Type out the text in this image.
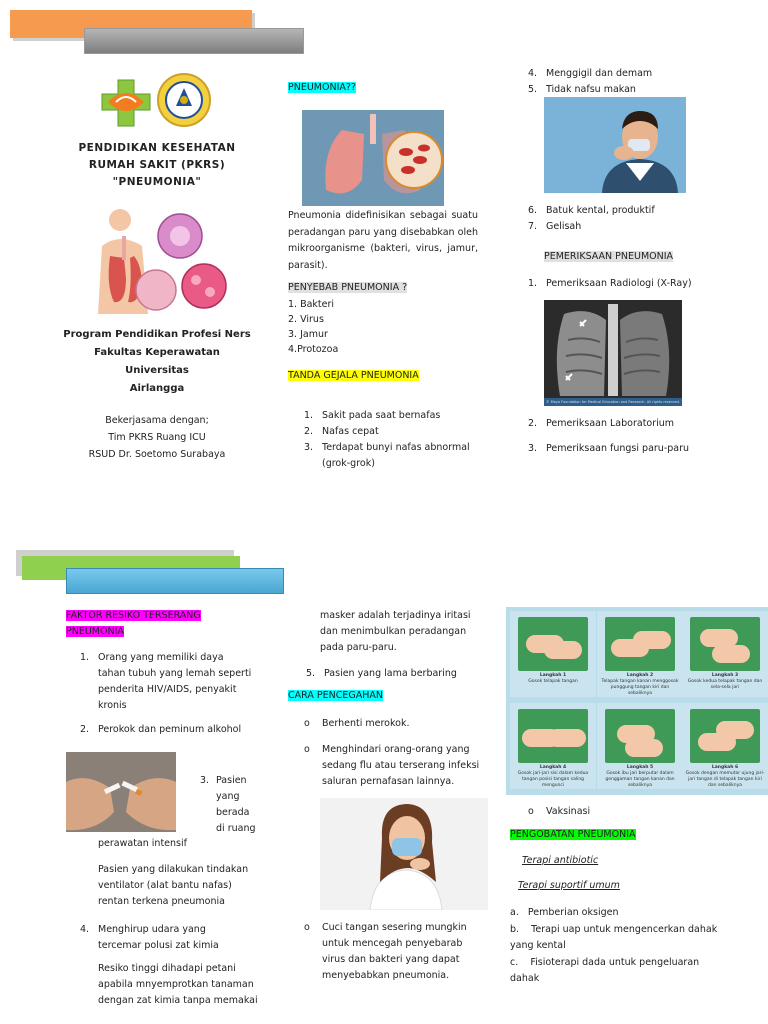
PENDIDIKAN KESEHATAN
RUMAH SAKIT (PKRS)
"PNEUMONIA"
Program Pendidikan Profesi Ners
Fakultas Keperawatan Universitas
Airlangga
Bekerjasama dengan;
Tim PKRS Ruang ICU
RSUD Dr. Soetomo Surabaya
PNEUMONIA??
Pneumonia didefinisikan sebagai suatu peradangan paru yang disebabkan oleh mikroorganisme (bakteri, virus, jamur, parasit).
PENYEBAB PNEUMONIA ?
1. Bakteri
2. Virus
3. Jamur
4.Protozoa
TANDA GEJALA PNEUMONIA
1. Sakit pada saat bernafas
2. Nafas cepat
3. Terdapat bunyi nafas abnormal (grok-grok)
4. Menggigil dan demam
5. Tidak nafsu makan
6. Batuk kental, produktif
7. Gelisah
PEMERIKSAAN PNEUMONIA
1. Pemeriksaan Radiologi (X-Ray)
© Mayo Foundation for Medical Education and Research. All rights reserved.
2. Pemeriksaan Laboratorium
3. Pemeriksaan fungsi paru-paru
FAKTOR RESIKO TERSERANG
PNEUMONIA
1. Orang yang memiliki daya tahan tubuh yang lemah seperti penderita HIV/AIDS, penyakit kronis
2. Perokok dan peminum alkohol
3. Pasien
yang
berada
di ruang
perawatan intensif
Pasien yang dilakukan tindakan ventilator (alat bantu nafas) rentan terkena pneumonia
4. Menghirup udara yang tercemar polusi zat kimia
Resiko tinggi dihadapi petani apabila mnyemprotkan tanaman dengan zat kimia tanpa memakai
masker adalah terjadinya iritasi dan menimbulkan peradangan pada paru-paru.
5. Pasien yang lama berbaring
CARA PENCEGAHAN
o	Berhenti merokok.
o	Menghindari orang-orang yang sedang flu atau terserang infeksi saluran pernafasan lainnya.
o	Cuci tangan sesering mungkin untuk mencegah penyebarab virus dan bakteri yang dapat menyebabkan pneumonia.
Langkah 1
Gosok telapak tangan
Langkah 2
Telapak tangan kanan menggosok punggung tangan kiri dan sebaliknya
Langkah 3
Gosok kedua telapak tangan dan sela-sela jari
Langkah 4
Gosok jari-jari sisi dalam kedua tangan posisi tangan saling mengunci
Langkah 5
Gosok ibu jari berputar dalam genggaman tangan kanan dan sebaliknya
Langkah 6
Gosok dengan memutar ujung jari-jari tangan di telapak tangan kiri dan sebaliknya
o	Vaksinasi
PENGOBATAN PNEUMONIA
Terapi antibiotic
Terapi suportif umum
a. Pemberian oksigen
b. Terapi uap untuk mengencerkan dahak yang kental
c. Fisioterapi dada untuk pengeluaran dahak
